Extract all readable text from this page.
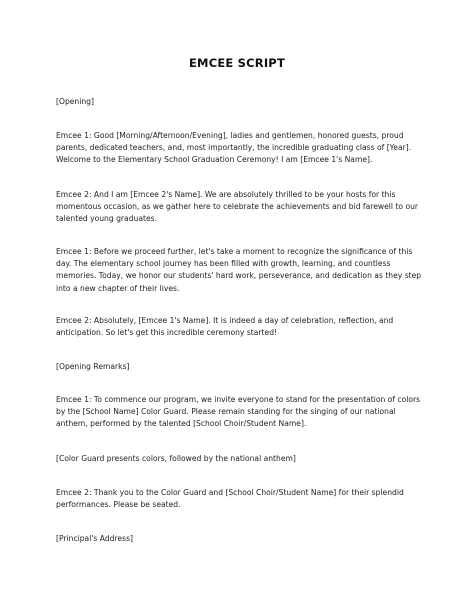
EMCEE SCRIPT

[Opening]

Emcee 1: Good [Morning/Afternoon/Evening], ladies and gentlemen, honored guests, proud parents, dedicated teachers, and, most importantly, the incredible graduating class of [Year]. Welcome to the Elementary School Graduation Ceremony! I am [Emcee 1's Name].

Emcee 2: And I am [Emcee 2's Name]. We are absolutely thrilled to be your hosts for this momentous occasion, as we gather here to celebrate the achievements and bid farewell to our talented young graduates.

Emcee 1: Before we proceed further, let's take a moment to recognize the significance of this day. The elementary school journey has been filled with growth, learning, and countless memories. Today, we honor our students' hard work, perseverance, and dedication as they step into a new chapter of their lives.

Emcee 2: Absolutely, [Emcee 1's Name]. It is indeed a day of celebration, reflection, and anticipation. So let's get this incredible ceremony started!

[Opening Remarks]

Emcee 1: To commence our program, we invite everyone to stand for the presentation of colors by the [School Name] Color Guard. Please remain standing for the singing of our national anthem, performed by the talented [School Choir/Student Name].

[Color Guard presents colors, followed by the national anthem]

Emcee 2: Thank you to the Color Guard and [School Choir/Student Name] for their splendid performances. Please be seated.

[Principal's Address]
